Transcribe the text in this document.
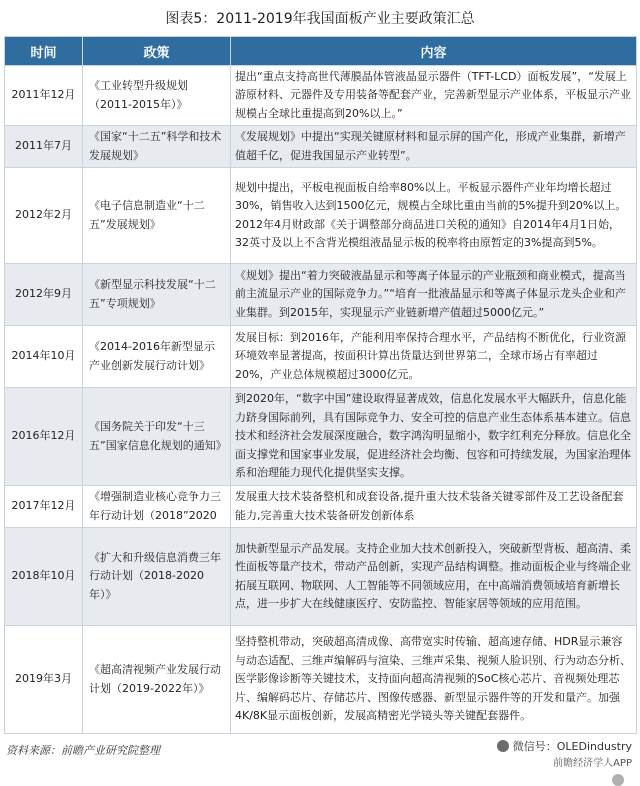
图表5：2011-2019年我国面板产业主要政策汇总
时间	政策	内容
2011年12月	《工业转型升级规划（2011-2015年）》	提出“重点支持高世代薄膜晶体管液晶显示器件（TFT-LCD）面板发展”，“发展上游原材料、元器件及专用装备等配套产业，完善新型显示产业体系，平板显示产业规模占全球比重提高到20%以上。”
2011年7月	《国家“十二五”科学和技术发展规划》	《发展规划》中提出“实现关键原材料和显示屏的国产化，形成产业集群，新增产值超千亿，促进我国显示产业转型”。
2012年2月	《电子信息制造业“十二五”发展规划》	规划中提出，平板电视面板自给率80%以上。平板显示器件产业年均增长超过30%，销售收入达到1500亿元，规模占全球比重由当前的5%提升到20%以上。2012年4月财政部《关于调整部分商品进口关税的通知》自2014年4月1日始，32英寸及以上不含背光模组液晶显示板的税率将由原暂定的3%提高到5%。
2012年9月	《新型显示科技发展“十二五”专项规划》	《规划》提出“着力突破液晶显示和等离子体显示的产业瓶颈和商业模式，提高当前主流显示产业的国际竞争力。”“培育一批液晶显示和等离子体显示龙头企业和产业集群。到2015年，实现显示产业链新增产值超过5000亿元。”
2014年10月	《2014-2016年新型显示产业创新发展行动计划》	发展目标：到2016年，产能利用率保持合理水平，产品结构不断优化，行业资源环境效率显著提高，按面积计算出货量达到世界第二，全球市场占有率超过20%，产业总体规模超过3000亿元。
2016年12月	《国务院关于印发“十三五”国家信息化规划的通知》	到2020年，“数字中国”建设取得显著成效，信息化发展水平大幅跃升，信息化能力跻身国际前列，具有国际竞争力、安全可控的信息产业生态体系基本建立。信息技术和经济社会发展深度融合，数字鸿沟明显缩小，数字红利充分释放。信息化全面支撑党和国家事业发展，促进经济社会均衡、包容和可持续发展，为国家治理体系和治理能力现代化提供坚实支撑。
2017年12月	《增强制造业核心竞争力三年行动计划（2018”2020	发展重大技术装备整机和成套设备,提升重大技术装备关键零部件及工艺设备配套能力,完善重大技术装备研发创新体系
2018年10月	《扩大和升级信息消费三年行动计划（2018-2020年）》	加快新型显示产品发展。支持企业加大技术创新投入，突破新型背板、超高清、柔性面板等量产技术，带动产品创新，实现产品结构调整。推动面板企业与终端企业拓展互联网、物联网、人工智能等不同领域应用，在中高端消费领域培育新增长点，进一步扩大在线健康医疗、安防监控、智能家居等领域的应用范围。
2019年3月	《超高清视频产业发展行动计划（2019-2022年）》	坚持整机带动，突破超高清成像、高带宽实时传输、超高速存储、HDR显示兼容与动态适配、三维声编解码与渲染、三维声采集、视频人脸识别、行为动态分析、医学影像诊断等关键技术，支持面向超高清视频的SoC核心芯片、音视频处理芯片、编解码芯片、存储芯片、图像传感器、新型显示器件等的开发和量产。加强4K/8K显示面板创新，发展高精密光学镜头等关键配套器件。
资料来源：前瞻产业研究院整理	微信号：OLEDindustry
前瞻经济学人APP
